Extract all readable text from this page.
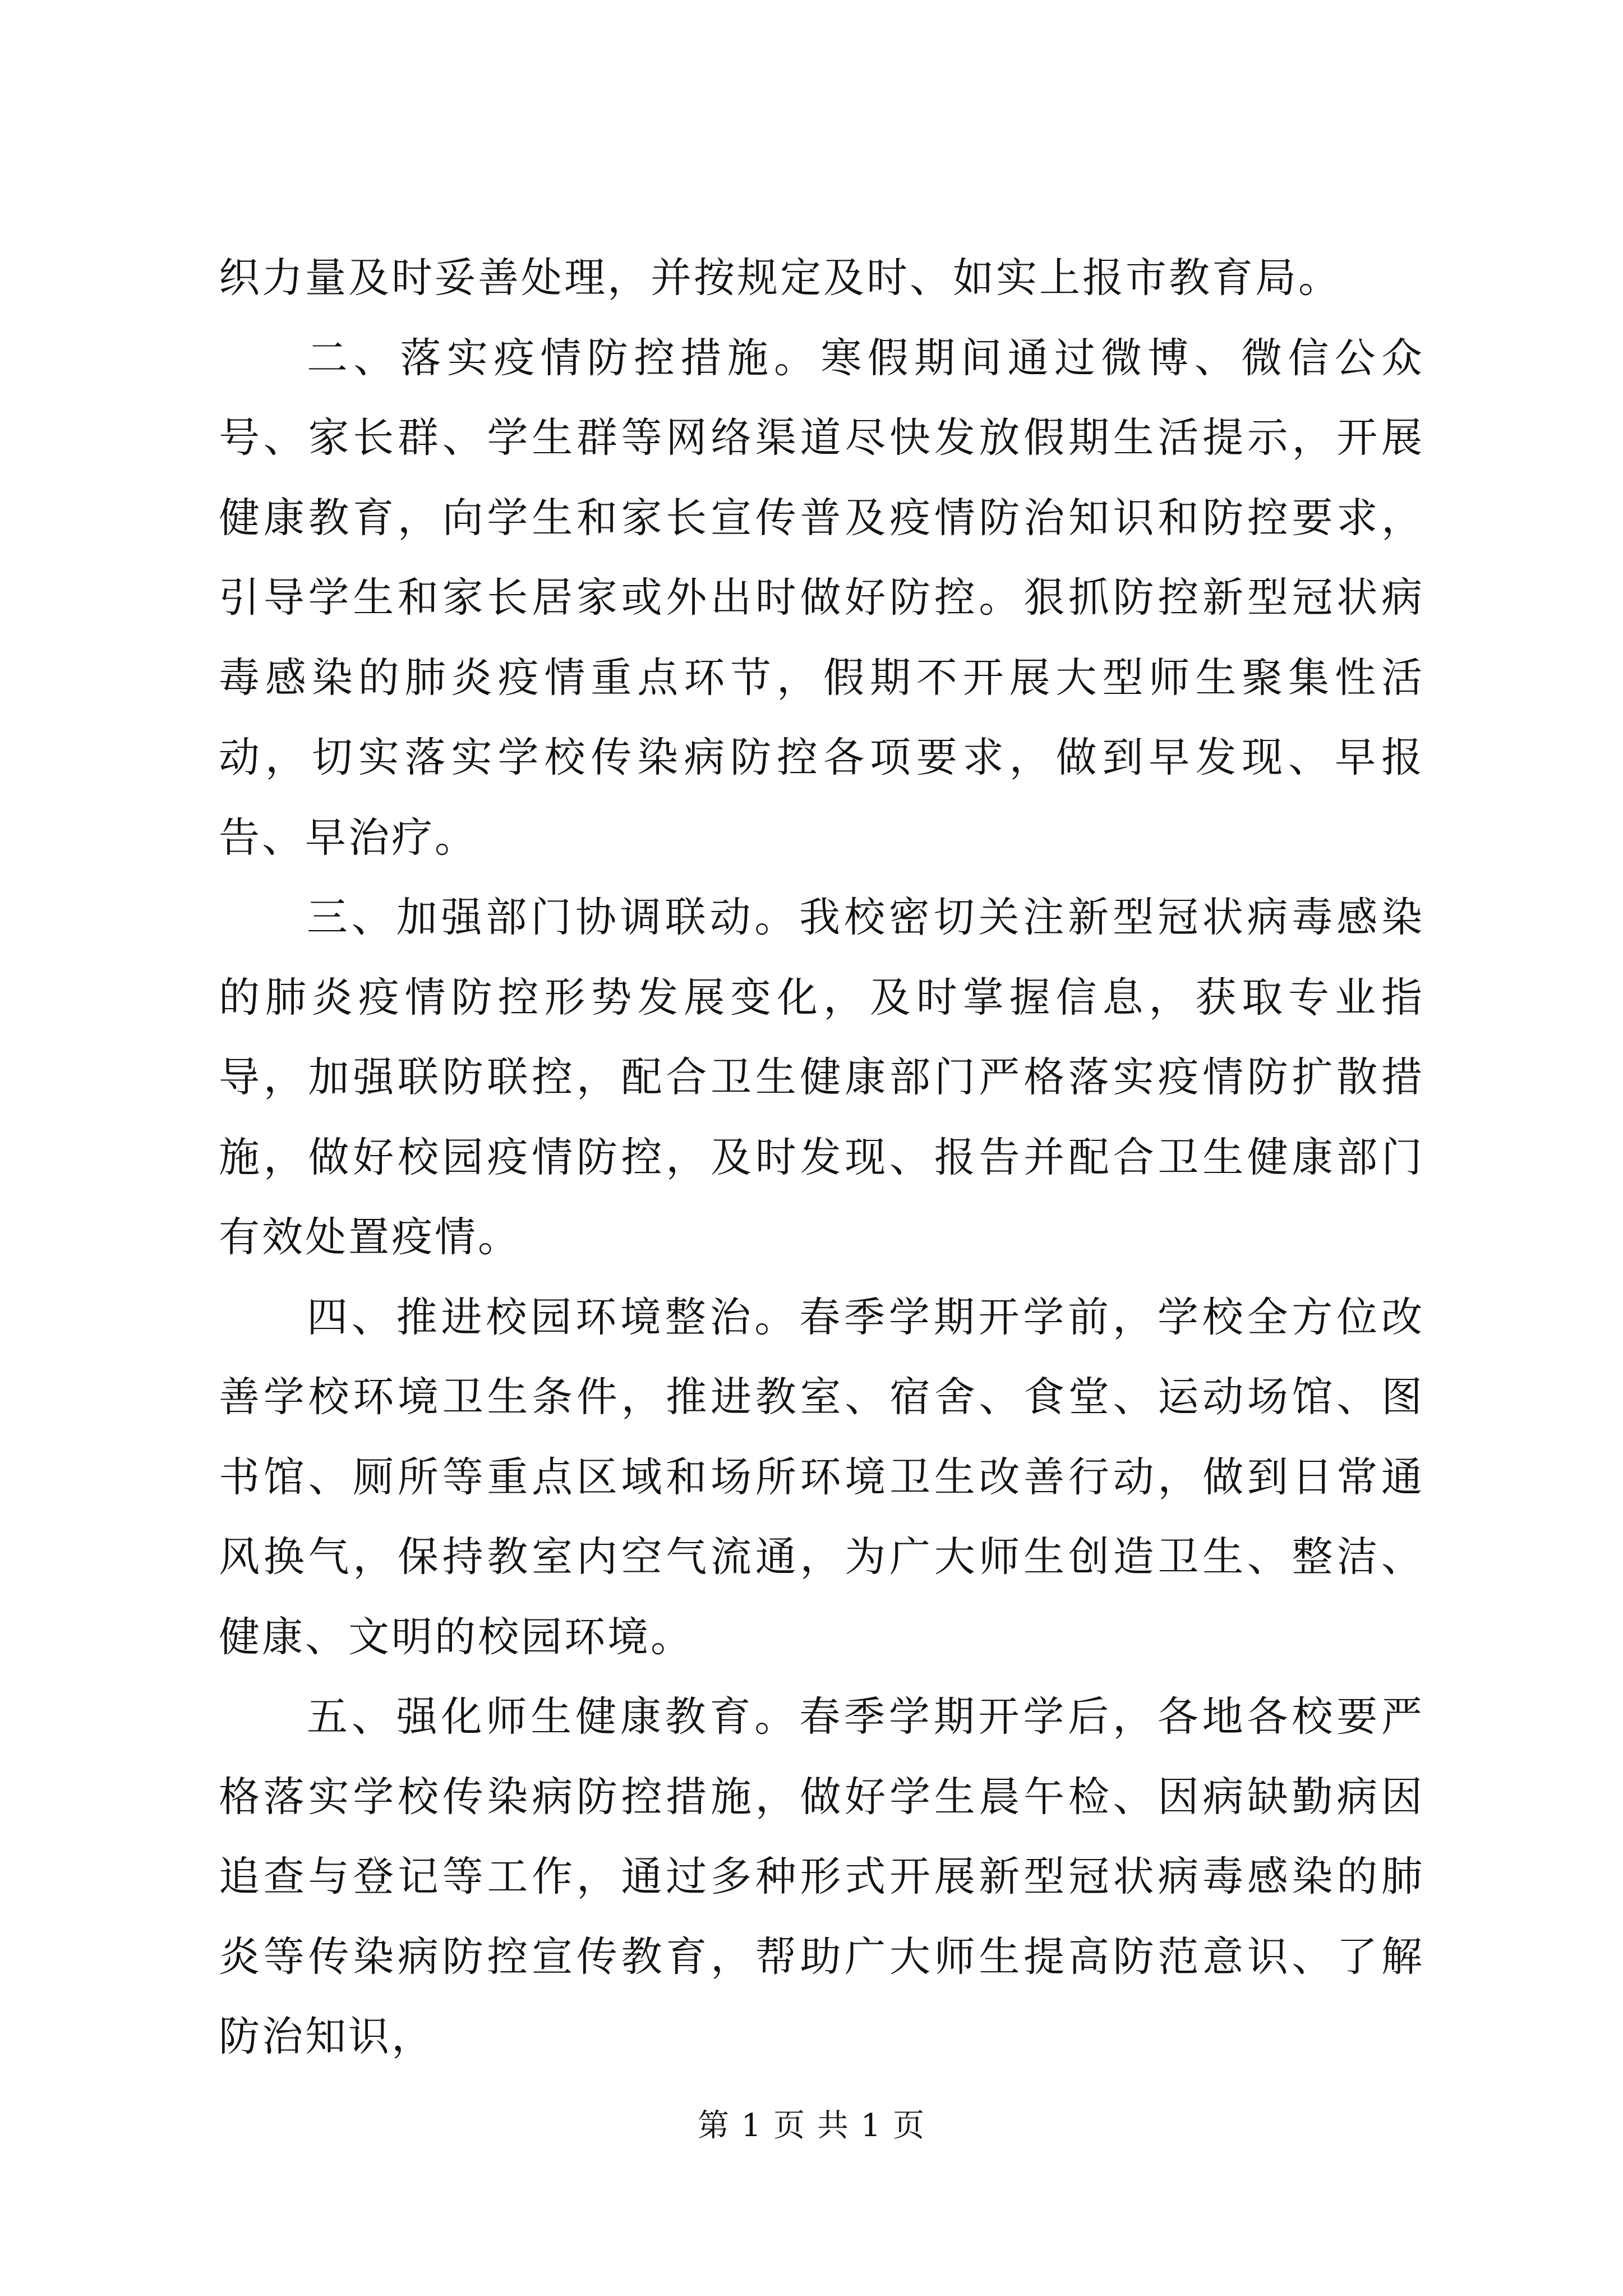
织力量及时妥善处理，并按规定及时、如实上报市教育局。

二、落实疫情防控措施。寒假期间通过微博、微信公众号、家长群、学生群等网络渠道尽快发放假期生活提示，开展健康教育，向学生和家长宣传普及疫情防治知识和防控要求，引导学生和家长居家或外出时做好防控。狠抓防控新型冠状病毒感染的肺炎疫情重点环节，假期不开展大型师生聚集性活动，切实落实学校传染病防控各项要求，做到早发现、早报告、早治疗。

三、加强部门协调联动。我校密切关注新型冠状病毒感染的肺炎疫情防控形势发展变化，及时掌握信息，获取专业指导，加强联防联控，配合卫生健康部门严格落实疫情防扩散措施，做好校园疫情防控，及时发现、报告并配合卫生健康部门有效处置疫情。

四、推进校园环境整治。春季学期开学前，学校全方位改善学校环境卫生条件，推进教室、宿舍、食堂、运动场馆、图书馆、厕所等重点区域和场所环境卫生改善行动，做到日常通风换气，保持教室内空气流通，为广大师生创造卫生、整洁、健康、文明的校园环境。

五、强化师生健康教育。春季学期开学后，各地各校要严格落实学校传染病防控措施，做好学生晨午检、因病缺勤病因追查与登记等工作，通过多种形式开展新型冠状病毒感染的肺炎等传染病防控宣传教育，帮助广大师生提高防范意识、了解防治知识，

第 1 页 共 1 页
